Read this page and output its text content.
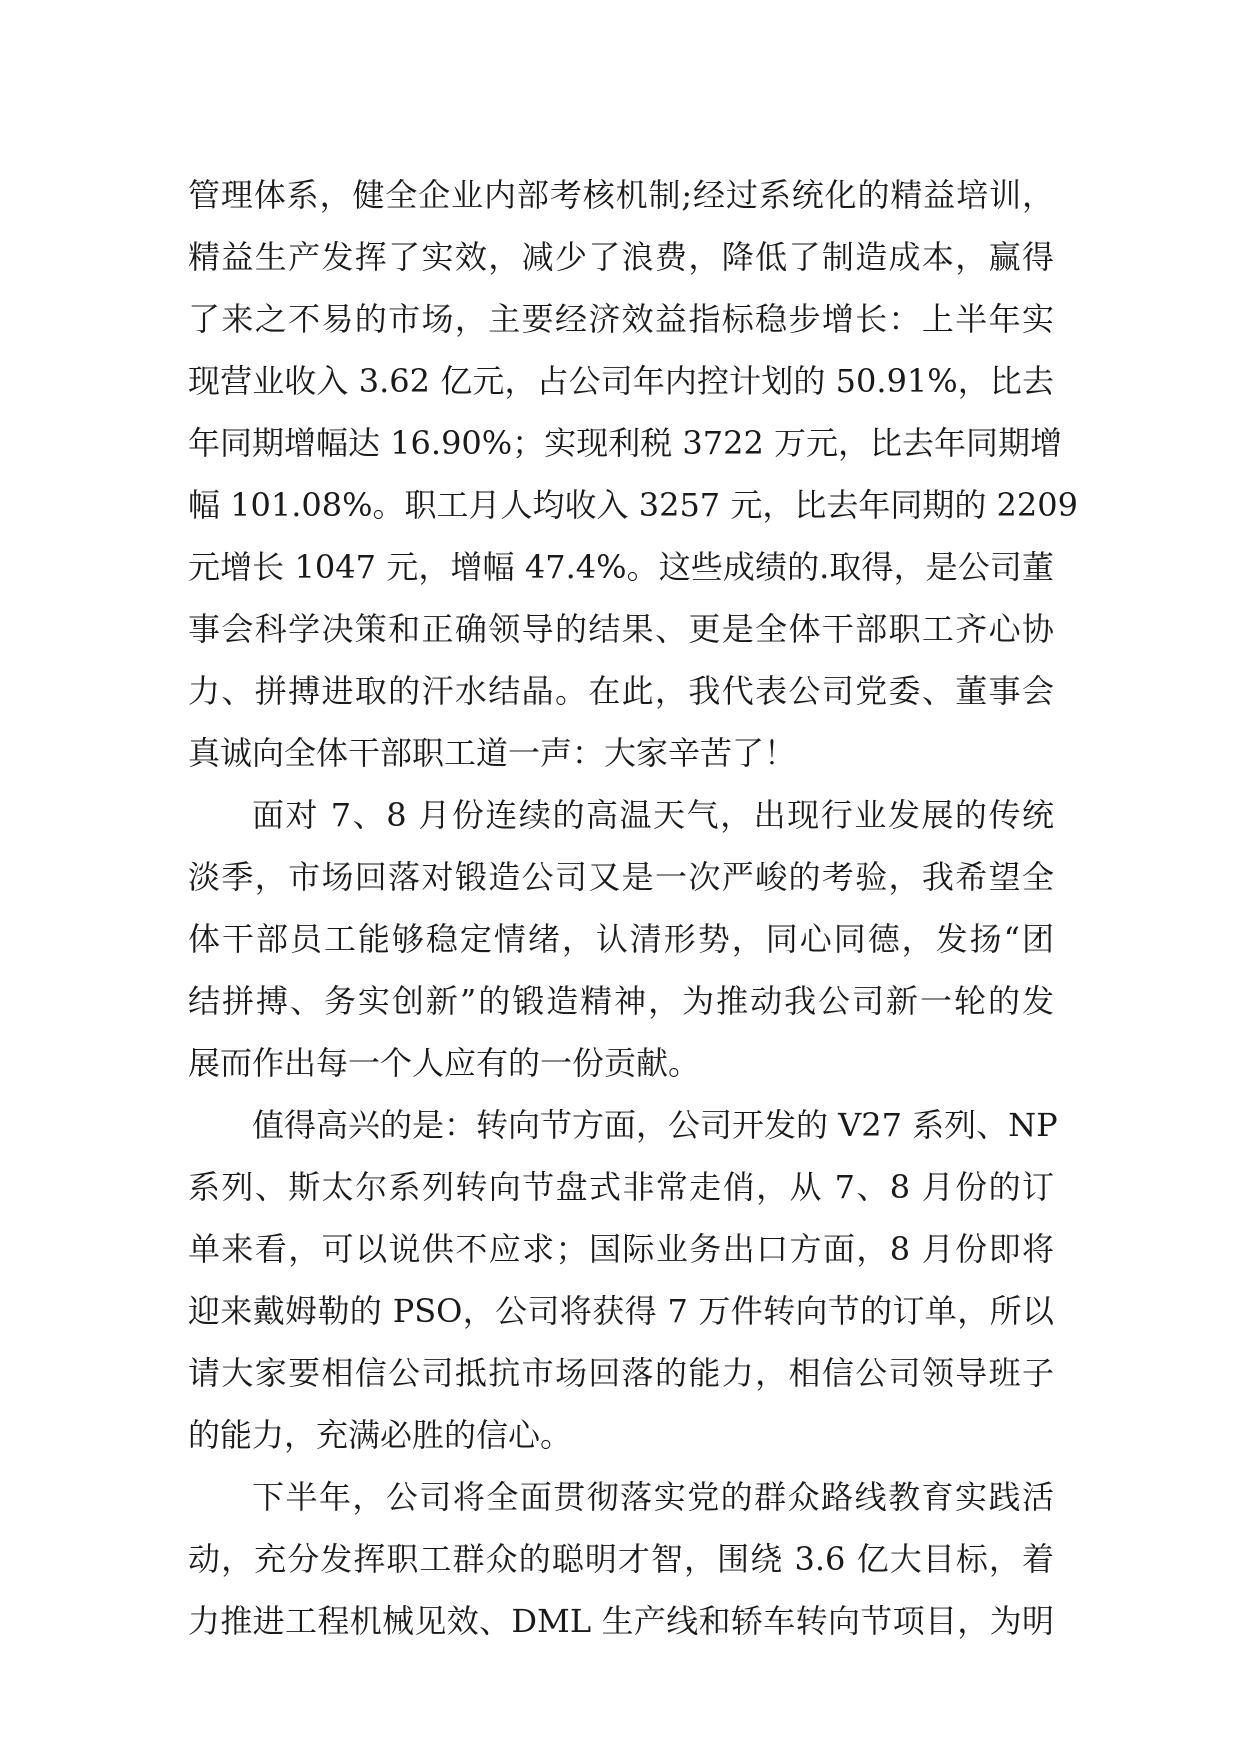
管理体系，健全企业内部考核机制;经过系统化的精益培训，
精益生产发挥了实效，减少了浪费，降低了制造成本，赢得
了来之不易的市场，主要经济效益指标稳步增长：上半年实
现营业收入 3.62 亿元，占公司年内控计划的 50.91%，比去
年同期增幅达 16.90%；实现利税 3722 万元，比去年同期增
幅 101.08%。职工月人均收入 3257 元，比去年同期的 2209
元增长 1047 元，增幅 47.4%。这些成绩的.取得，是公司董
事会科学决策和正确领导的结果、更是全体干部职工齐心协
力、拼搏进取的汗水结晶。在此，我代表公司党委、董事会
真诚向全体干部职工道一声：大家辛苦了！
面对 7、8 月份连续的高温天气，出现行业发展的传统
淡季，市场回落对锻造公司又是一次严峻的考验，我希望全
体干部员工能够稳定情绪，认清形势，同心同德，发扬“团
结拼搏、务实创新”的锻造精神，为推动我公司新一轮的发
展而作出每一个人应有的一份贡献。
值得高兴的是：转向节方面，公司开发的 V27 系列、NP
系列、斯太尔系列转向节盘式非常走俏，从 7、8 月份的订
单来看，可以说供不应求；国际业务出口方面，8 月份即将
迎来戴姆勒的 PSO，公司将获得 7 万件转向节的订单，所以
请大家要相信公司抵抗市场回落的能力，相信公司领导班子
的能力，充满必胜的信心。
下半年，公司将全面贯彻落实党的群众路线教育实践活
动，充分发挥职工群众的聪明才智，围绕 3.6 亿大目标，着
力推进工程机械见效、DML 生产线和轿车转向节项目，为明
